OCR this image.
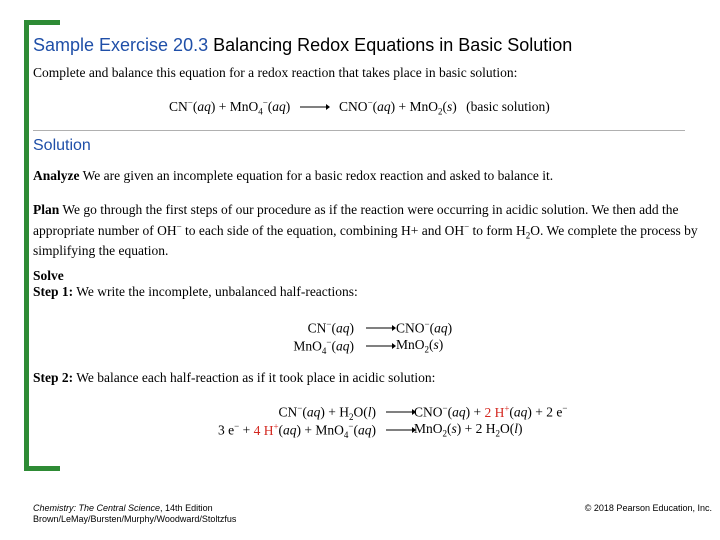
Sample Exercise 20.3 Balancing Redox Equations in Basic Solution
Complete and balance this equation for a redox reaction that takes place in basic solution:
CN−(aq) + MnO$_4$−(aq) → CNO−(aq) + MnO$_2$(s) (basic solution)
Solution
Analyze We are given an incomplete equation for a basic redox reaction and asked to balance it.
Plan We go through the first steps of our procedure as if the reaction were occurring in acidic solution. We then add the appropriate number of OH− to each side of the equation, combining H+ and OH− to form $H_2O$. We complete the process by simplifying the equation.
Solve
Step 1: We write the incomplete, unbalanced half-reactions:
CN−(aq) → CNO−(aq)
MnO$_4$−(aq) → MnO$_2$(s)
Step 2: We balance each half-reaction as if it took place in acidic solution:
$CN^-(aq) + H_2O(l)$ →
CNO−(aq) + 2 H+(aq) + 2 e−
3 e− + 4 H+(aq) + MnO$_4$−(aq) →
MnO$_2$(s) + 2 $H_2O(l)$
Chemistry: The Central Science, 14th Edition
Brown/LeMay/Bursten/Murphy/Woodward/Stoltzfus
© 2018 Pearson Education, Inc.
